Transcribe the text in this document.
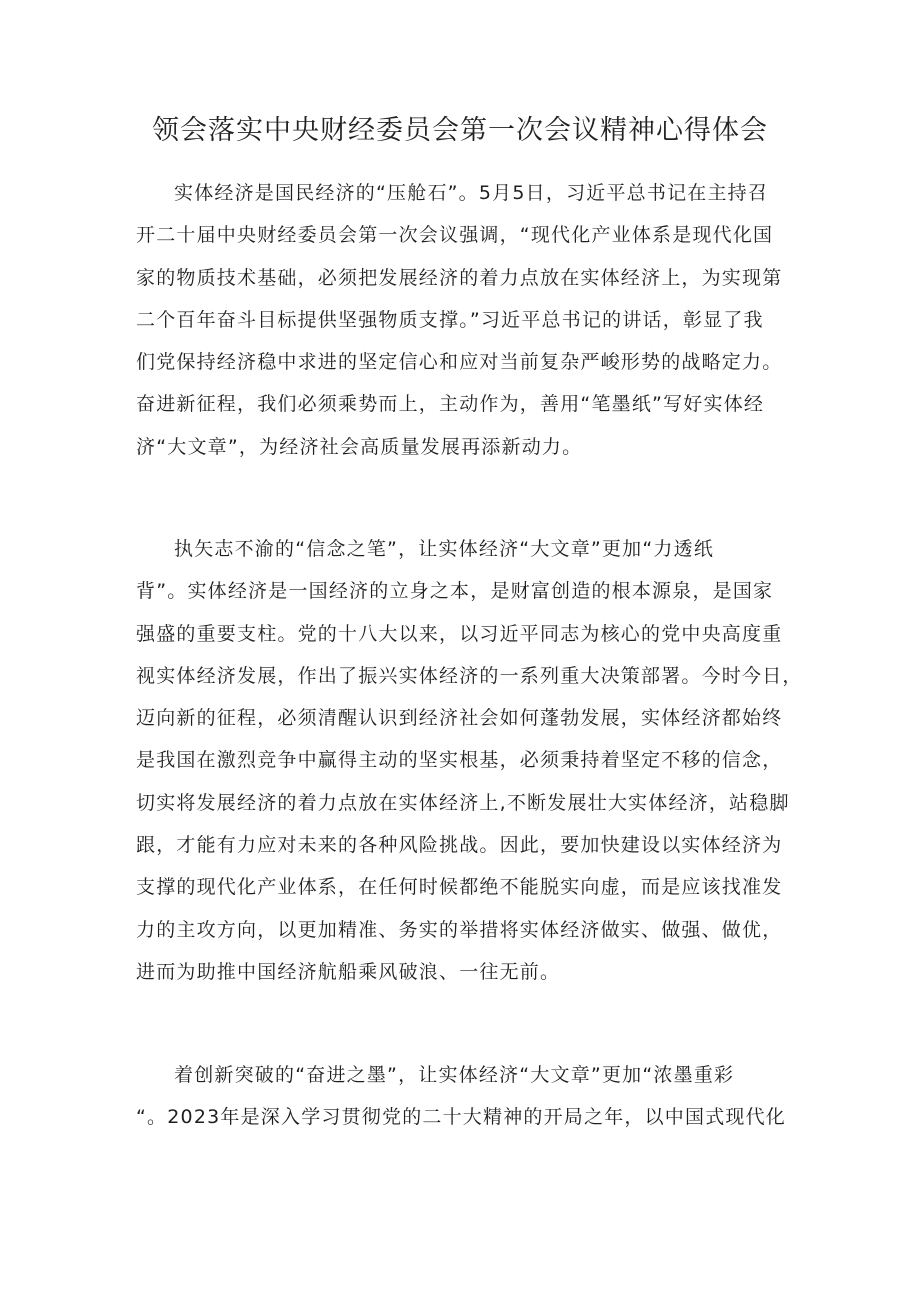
领会落实中央财经委员会第一次会议精神心得体会
实体经济是国民经济的“压舱石”。5月5日，习近平总书记在主持召
开二十届中央财经委员会第一次会议强调，“现代化产业体系是现代化国
家的物质技术基础，必须把发展经济的着力点放在实体经济上，为实现第
二个百年奋斗目标提供坚强物质支撑。”习近平总书记的讲话，彰显了我
们党保持经济稳中求进的坚定信心和应对当前复杂严峻形势的战略定力。
奋进新征程，我们必须乘势而上，主动作为，善用“笔墨纸”写好实体经
济“大文章”，为经济社会高质量发展再添新动力。
执矢志不渝的“信念之笔”，让实体经济“大文章”更加“力透纸
背”。实体经济是一国经济的立身之本，是财富创造的根本源泉，是国家
强盛的重要支柱。党的十八大以来，以习近平同志为核心的党中央高度重
视实体经济发展，作出了振兴实体经济的一系列重大决策部署。今时今日，
迈向新的征程，必须清醒认识到经济社会如何蓬勃发展，实体经济都始终
是我国在激烈竞争中赢得主动的坚实根基，必须秉持着坚定不移的信念，
切实将发展经济的着力点放在实体经济上,不断发展壮大实体经济，站稳脚
跟，才能有力应对未来的各种风险挑战。因此，要加快建设以实体经济为
支撑的现代化产业体系，在任何时候都绝不能脱实向虚，而是应该找准发
力的主攻方向，以更加精准、务实的举措将实体经济做实、做强、做优，
进而为助推中国经济航船乘风破浪、一往无前。
着创新突破的“奋进之墨”，让实体经济“大文章”更加“浓墨重彩
“。2023年是深入学习贯彻党的二十大精神的开局之年，以中国式现代化
